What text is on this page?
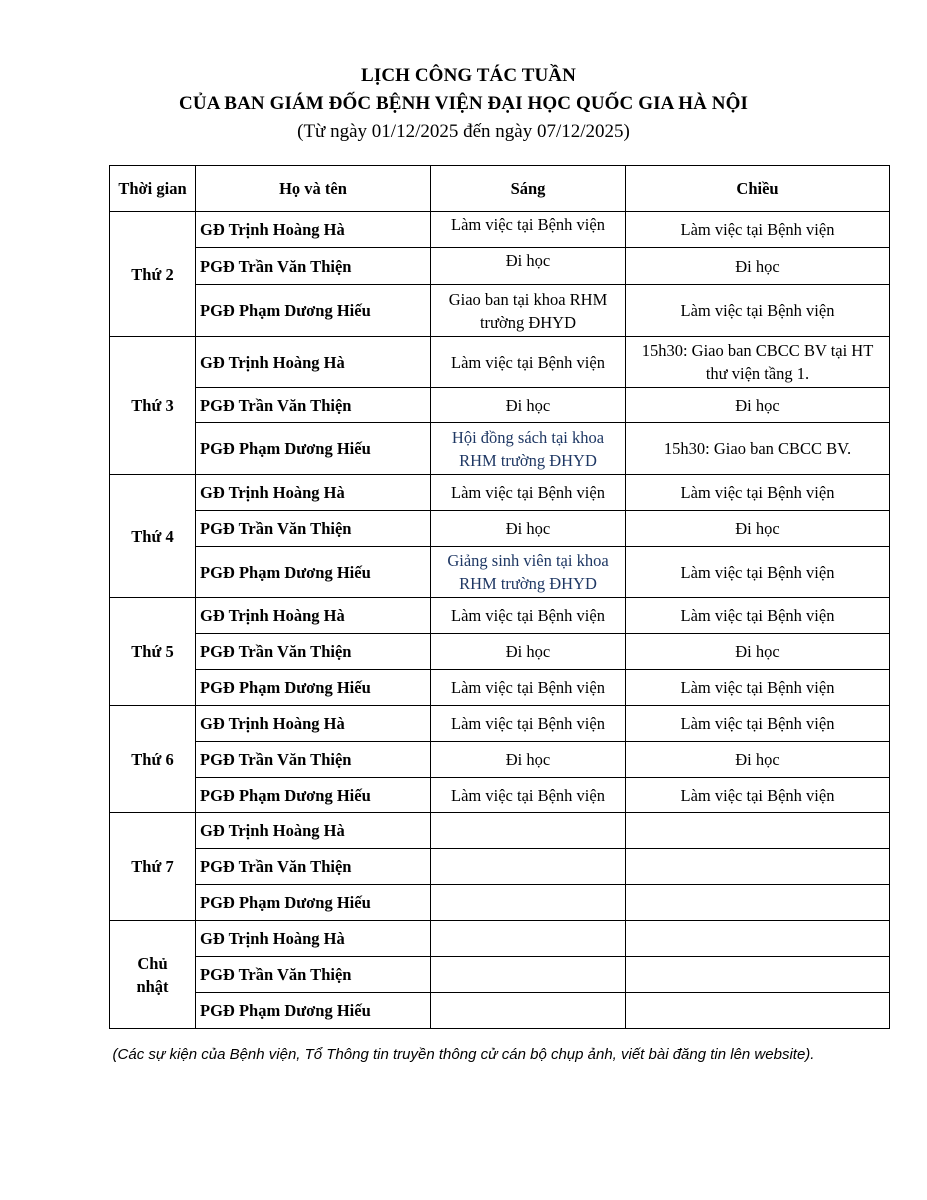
LỊCH CÔNG TÁC TUẦN
CỦA BAN GIÁM ĐỐC BỆNH VIỆN ĐẠI HỌC QUỐC GIA HÀ NỘI
(Từ ngày 01/12/2025 đến ngày 07/12/2025)
Thời gian	Họ và tên	Sáng	Chiều
Thứ 2	GĐ Trịnh Hoàng Hà	Làm việc tại Bệnh viện	Làm việc tại Bệnh viện
	PGĐ Trần Văn Thiện	Đi học	Đi học
	PGĐ Phạm Dương Hiếu	Giao ban tại khoa RHM trường ĐHYD	Làm việc tại Bệnh viện
Thứ 3	GĐ Trịnh Hoàng Hà	Làm việc tại Bệnh viện	15h30: Giao ban CBCC BV tại HT thư viện tầng 1.
	PGĐ Trần Văn Thiện	Đi học	Đi học
	PGĐ Phạm Dương Hiếu	Hội đồng sách tại khoa RHM trường ĐHYD	15h30: Giao ban CBCC BV.
Thứ 4	GĐ Trịnh Hoàng Hà	Làm việc tại Bệnh viện	Làm việc tại Bệnh viện
	PGĐ Trần Văn Thiện	Đi học	Đi học
	PGĐ Phạm Dương Hiếu	Giảng sinh viên tại khoa RHM trường ĐHYD	Làm việc tại Bệnh viện
Thứ 5	GĐ Trịnh Hoàng Hà	Làm việc tại Bệnh viện	Làm việc tại Bệnh viện
	PGĐ Trần Văn Thiện	Đi học	Đi học
	PGĐ Phạm Dương Hiếu	Làm việc tại Bệnh viện	Làm việc tại Bệnh viện
Thứ 6	GĐ Trịnh Hoàng Hà	Làm việc tại Bệnh viện	Làm việc tại Bệnh viện
	PGĐ Trần Văn Thiện	Đi học	Đi học
	PGĐ Phạm Dương Hiếu	Làm việc tại Bệnh viện	Làm việc tại Bệnh viện
Thứ 7	GĐ Trịnh Hoàng Hà		
	PGĐ Trần Văn Thiện		
	PGĐ Phạm Dương Hiếu		
Chủ nhật	GĐ Trịnh Hoàng Hà		
	PGĐ Trần Văn Thiện		
	PGĐ Phạm Dương Hiếu		
(Các sự kiện của Bệnh viện, Tổ Thông tin truyền thông cử cán bộ chụp ảnh, viết bài đăng tin lên website).
